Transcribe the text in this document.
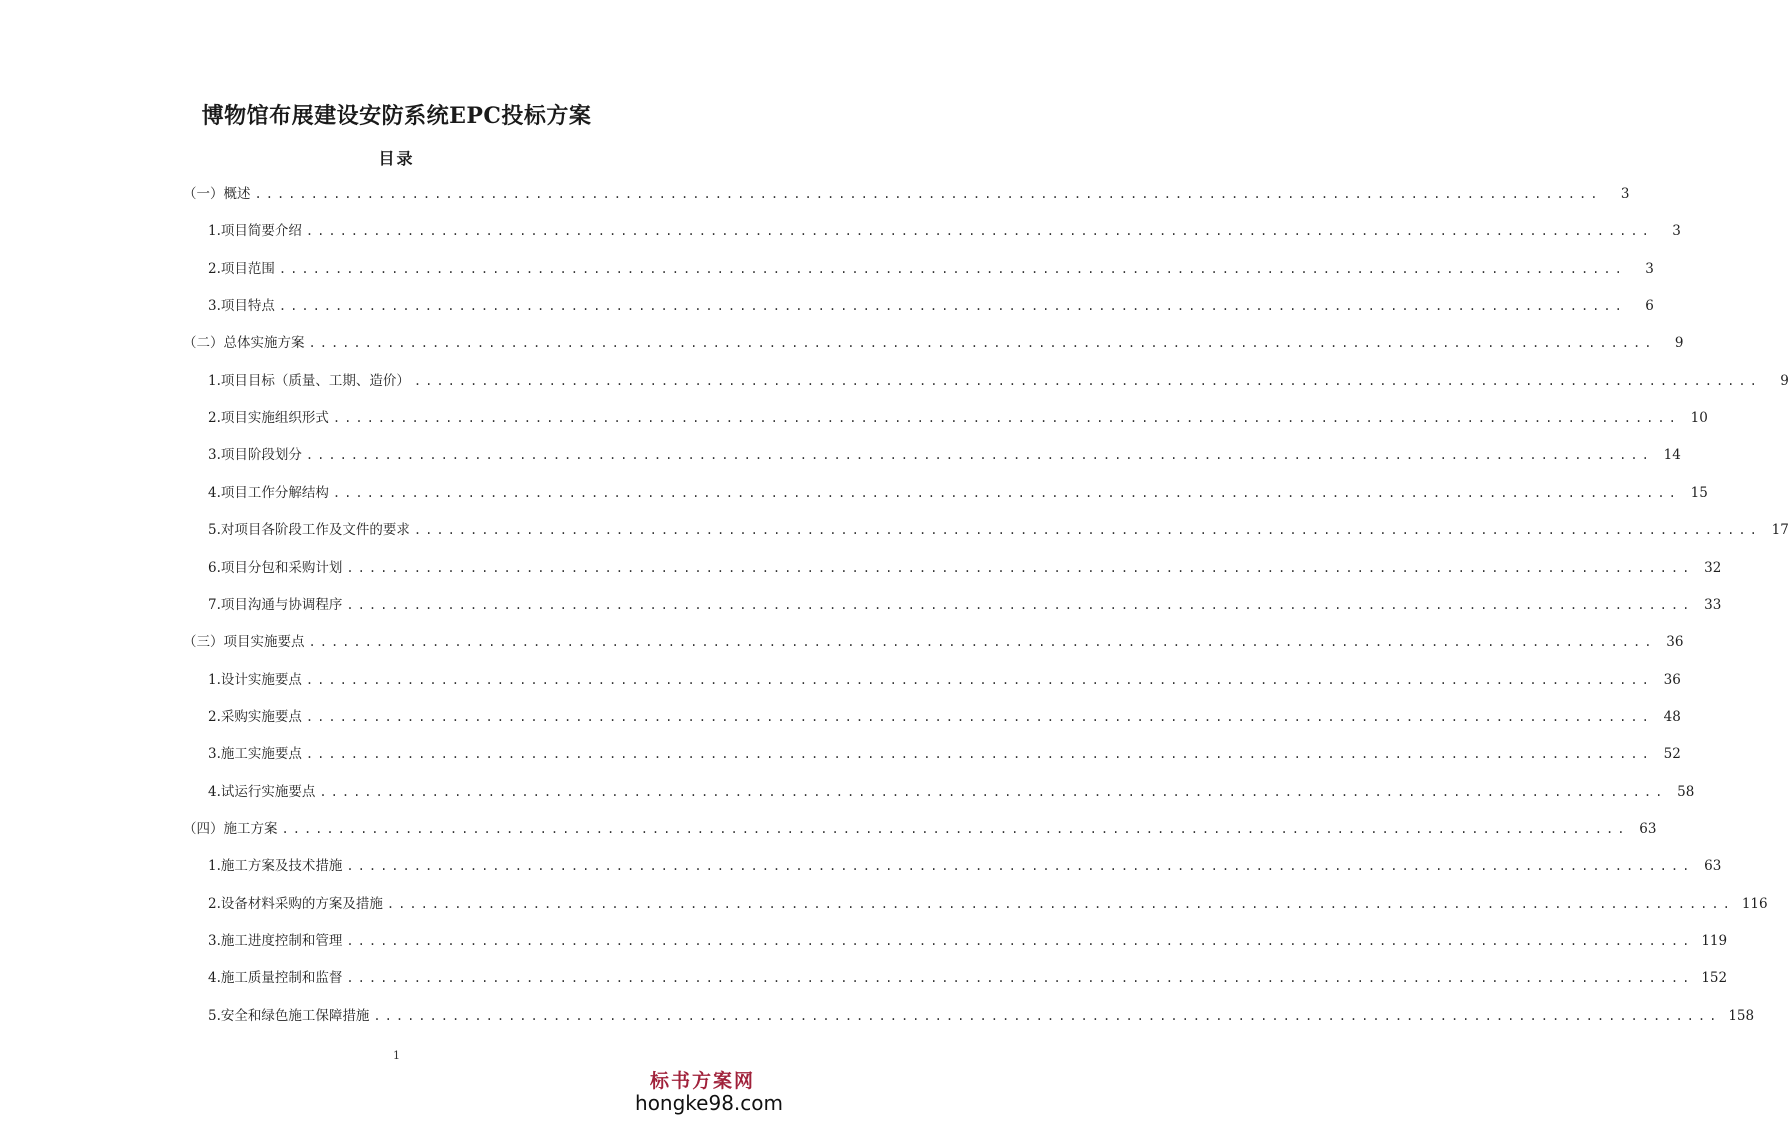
博物馆布展建设安防系统EPC投标方案
目录
（一）概述 ........................................................................................................................	3
1.项目简要介绍 ........................................................................................................................	3
2.项目范围 ........................................................................................................................	3
3.项目特点 ........................................................................................................................	6
（二）总体实施方案 ........................................................................................................................	9
1.项目目标（质量、工期、造价） ........................................................................................................................	9
2.项目实施组织形式 ........................................................................................................................ 10
3.项目阶段划分 ........................................................................................................................ 14
4.项目工作分解结构 ........................................................................................................................ 15
5.对项目各阶段工作及文件的要求 ........................................................................................................................ 17
6.项目分包和采购计划 ........................................................................................................................ 32
7.项目沟通与协调程序 ........................................................................................................................ 33
（三）项目实施要点 ........................................................................................................................ 36
1.设计实施要点 ........................................................................................................................ 36
2.采购实施要点 ........................................................................................................................ 48
3.施工实施要点 ........................................................................................................................ 52
4.试运行实施要点 ........................................................................................................................ 58
（四）施工方案 ........................................................................................................................ 63
1.施工方案及技术措施 ........................................................................................................................ 63
2.设备材料采购的方案及措施 ........................................................................................................................ 116
3.施工进度控制和管理 ........................................................................................................................ 119
4.施工质量控制和监督 ........................................................................................................................ 152
5.安全和绿色施工保障措施 ........................................................................................................................ 158
1
标书方案网
hongke98.com
